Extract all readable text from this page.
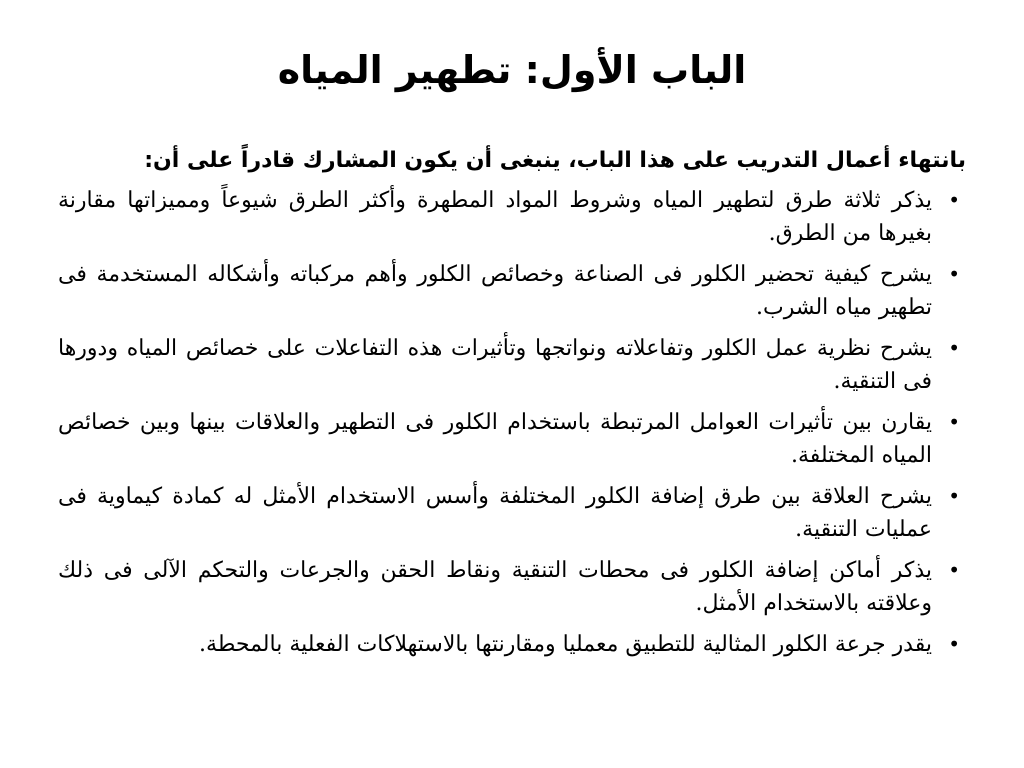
الباب الأول: تطهير المياه

بانتهاء أعمال التدريب على هذا الباب، ينبغى أن يكون المشارك قادراً على أن:

•
يذكر ثلاثة طرق لتطهير المياه وشروط المواد المطهرة وأكثر الطرق شيوعاً ومميزاتها مقارنة بغيرها من الطرق.
•
يشرح كيفية تحضير الكلور فى الصناعة وخصائص الكلور وأهم مركباته وأشكاله المستخدمة فى تطهير مياه الشرب.
•
يشرح نظرية عمل الكلور وتفاعلاته ونواتجها وتأثيرات هذه التفاعلات على خصائص المياه ودورها فى التنقية.
•
يقارن بين تأثيرات العوامل المرتبطة باستخدام الكلور فى التطهير والعلاقات بينها وبين خصائص المياه المختلفة.
•
يشرح العلاقة بين طرق إضافة الكلور المختلفة وأسس الاستخدام الأمثل له كمادة كيماوية فى عمليات التنقية.
•
يذكر أماكن إضافة الكلور فى محطات التنقية ونقاط الحقن والجرعات والتحكم الآلى فى ذلك وعلاقته بالاستخدام الأمثل.
•
يقدر جرعة الكلور المثالية للتطبيق معمليا ومقارنتها بالاستهلاكات الفعلية بالمحطة.
